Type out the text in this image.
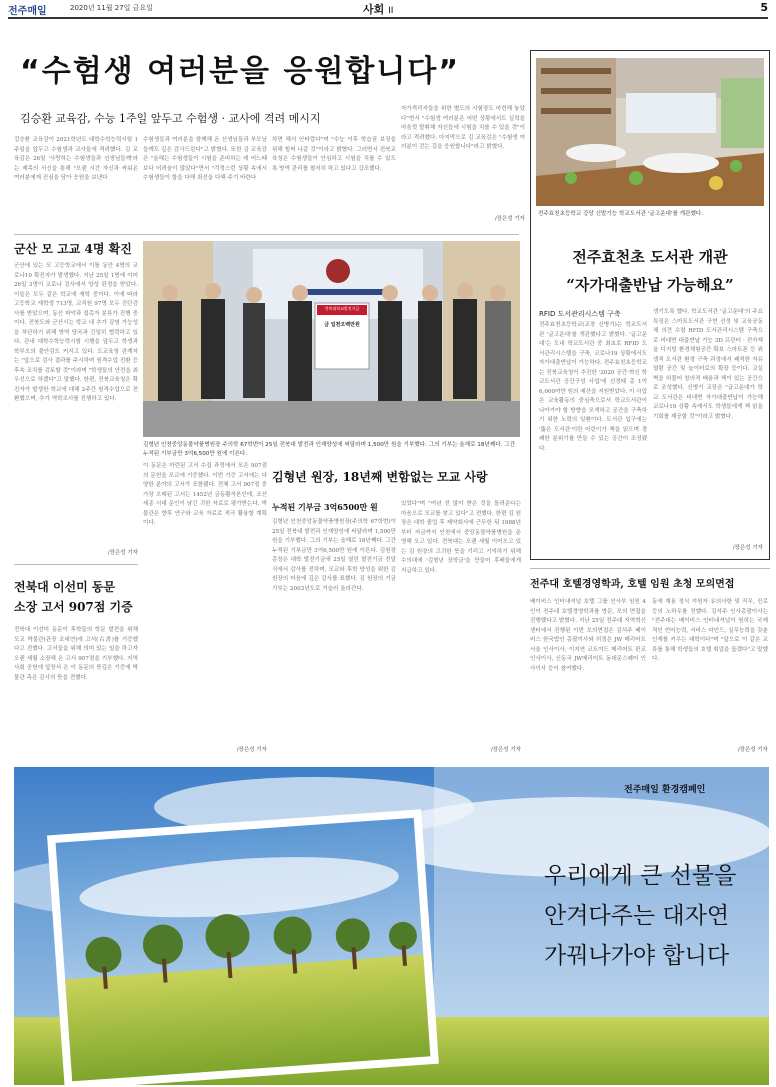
전주매일	2020년 11월 27일 금요일	사회 II	5
“수험생 여러분을 응원합니다”
김승환 교육감, 수능 1주일 앞두고 수험생 · 교사에 격려 메시지
김승환 교육감이 2021학년도 대학수학능력시험 1주일을 앞두고 수험생과 교사들에 격려했다. 김 교육감은 26일 '사랑하는 수험생들과 선생님들께'라는 제목의 서신을 통해 "오랜 시간 자신과 싸워온 여러분에게 진심을 담아 응원을 보낸다
수험생들과 여러분을 함께해 온 선생님들과 부모님들께도 깊은 감사드린다"고 밝혔다. 또한 김 교육감은 "올해는 수험생들이 시험을 준비하는 데 어느때보다 어려움이 많았다"면서 "걱정스런 상황 속에서 수험생들이 합을 다해 최선을 다해 주기 바란다
하면 해서 안타깝다"며 "수능 이후 학습권 보장을 위해 힘써 나갈 것"이라고 밝혔다. 그러면서 전북교육청은 수험생들이 안심하고 시험을 치를 수 있도록 방역 관리를 철저히 하고 있다고 강조했다.
자가격리자들을 위한 별도의 시험장도 마련해 놓았다"면서 "수험생 여러분은 어떤 상황에서도 실력을 마음껏 발휘해 자신들에 시험을 치를 수 있을 것"이라고 격려했다. 마지막으로 김 교육감은 "수험생 여러분이 걷는 길을 응원합니다"라고 밝혔다.
/장은성 기자
전주효천초등학교 강당 신발기능 학교도서관 '글고운대'를 개관했다.
전주효천초 도서관 개관
“자가대출반납 가능해요”
RFID 도서관리시스템 구축
전주효천초등학교(교장 신병기)는 학교도서관 '글고운대'를 개관했다고 밝혔다. '글고운대'는 도내 학교도서관 중 최초로 RFID 도서관리시스템을 구축, 코로나19 상황에서도 자가대출반납이 가능하다. 전주효천초등학교는 전북교육청이 추진한 '2020 공간·혁신 학교도서관 공간구성 사업'에 선정돼 총 1억 6,000여만 원의 예산을 지원받았다. 이 사업은 교육활동의 중심축으로서 학교도서관이 나아가야 할 방향을 모색하고 공간을 구축하기 위한 노력의 일환이다. 도서관 입구에는 '뚫은 도서관'이란 어린이가 책을 읽으며 경쾌한 분위기를 만들 수 있는 공간이 조성됐다.
생기도록 했다. 학교도서관 '글고운대'의 주요 특징은 스마트도서관 구현 선정 및 교육공동체 의견 수렴 RFID 도서관리시스템 구축으로 비대면 대출반납 가능 3D 프린터 · 전자책을 디지털 환경체험공간 확보 스마트폰 등 위생적 도서관 환경 구축 과정에서 쾌적한 자유열람 공간 및 놀이터로의 확장 등이다. 교실 벽을 허물어 창의적 배움과 책이 있는 공간으로 조성했다. 신병기 교장은 "글고운대가 학교 도서관은 비대면 자가대출반납이 가능해 코로나19 상황 속에서도 학생들에게 책 읽을 기회를 제공할 것"이라고 밝혔다.
/장은성 기자
군산 모 고교 4명 확진
군산에 있는 모 고등학교에서 이틀 동안 4명의 코로나19 확진자가 발생했다. 지난 25일 1명에 이어 26일 3명이 코로나 검사에서 양성 판정을 받았다. 이들은 모두 같은 학교에 재학 중이다. 이에 따라 고등학교 재학생 713명, 교직원 97명 모두 진단검사를 받았으며, 동선 파악과 접촉자 분류가 진행 중이다. 전북도와 군산시는 학교 내 추가 감염 가능성을 차단하기 위해 방역 당국과 긴밀히 협력하고 있다. 관내 대학수학능력시험 시행을 앞두고 학생과 학부모의 불안감도 커지고 있다. 도교육청 관계자는 "앞으로 검사 결과를 주시하며 원격수업 전환 등 후속 조치를 검토할 것"이라며 "학생들의 안전을 최우선으로 하겠다"고 말했다. 한편, 전북교육청은 확진자가 발생한 학교에 대해 2주간 원격수업으로 전환했으며, 추가 역학조사를 진행하고 있다.
/장은성 기자
전북대학교발전기금
금 일천오백만원
김형년 인천중앙동물약품병원장 주의학 67학번이 25일 전북대 발전과 인재양성에 써달라며 1,500만 원을 기부했다. 그의 기부는 올해로 18년째다. 그간 누적된 기부금만 3억6,500만 원에 이른다.
김형년 원장, 18년째 변함없는 모교 사랑
누적된 기부금 3억6500만 원
김형년 인천중앙동물약품병원장(주의학 67학번)이 25일 전북대 발전과 인재양성에 써달라며 1,500만 원을 기부했다. 그의 기부는 올해로 18년째다. 그간 누적된 기부금만 3억6,500만 원에 이른다. 김원장 총장은 대학 발전기금에 25일 열린 발전기금 전달식에서 감사를 전하며, 모교와 후학 양성을 위한 김 원장의 마음에 깊은 감사를 표했다. 김 원장의 기금 기부는 2003년도로 거슬러 올라간다.
있었다"며 "여년 전 많이 받은 것을 돌려준다는 마음으로 모교를 찾고 있다"고 전했다. 한편 김 원장은 대학 졸업 후 제약회사에 근무한 뒤 1988년부터 지금까지 인천에서 중앙동물약품병원을 운영해 오고 있다. 전북대는 오랜 세월 이어오고 있는 김 원장의 고귀한 뜻을 기리고 기억하기 위해 수의대에 '김형년 장학금'을 만들어 후배들에게 지급하고 있다.
/장은성 기자
전북대 이선미 동문
소장 고서 907점 기증
전북대 이선미 동문이 후학들의 학문 발전을 위해 모교 박물관(관장 조대연)에 고서(古書)를 기증했다고 전했다. 고서들을 위해 의미 있는 일을 하고자 오랜 세월 소장해 온 고서 907점을 기부했다. 지역사회 공헌에 앞장서 온 이 동문의 뜻깊은 기증에 박물관 측은 감사의 뜻을 전했다.
이 동문은 마련된 고서 수집 과정에서 모은 907점의 문헌을 모교에 기증했다. 이번 기증 고서에는 다양한 분야의 고서가 포함됐다. 전체 고서 907점 중 가장 오래된 고서는 1452년 금동활자본인데, 조선 세종 시대 문인이 남긴 귀한 자료로 평가받는다. 박물관은 향후 연구와 교육 자료로 적극 활용할 계획이다.
/장은성 기자
전주대 호텔경영학과, 호텔 임원 초청 모의면접
베이비스 인터내셔널 호텔 그룹 인사부 임원 4인이 전주대 호텔경영학과를 방문, 모의 면접을 진행했다고 밝혔다. 지난 25일 전주대 지역혁신센터에서 진행된 이번 모의면접은 김석주 베이비스 한국법인 총괄이사와 허정은 JW 메리어트 서울 인사이사, 이지연 코트야드 메리어트 판교 인사이사, 신동국 JW메리어트 동대문스퀘어 인사이사 등이 참여했다.
동에 재용 정식 지원자 유의사항 및 직무, 진로 등의 노하우를 전했다. 김석주 인사총괄이사는 "전주대는 베이비스 인터내셔널이 원하는 국제적인 언어능력, 서비스 마인드, 실무능력을 갖춘 인재를 키우는 대학이다"며 "앞으로 이 같은 교류를 통해 학생들의 호텔 취업을 돕겠다"고 말했다.
/장은성 기자
전주매일 환경캠페인
우리에게 큰 선물을
안겨다주는 대자연
가꿔나가야 합니다
